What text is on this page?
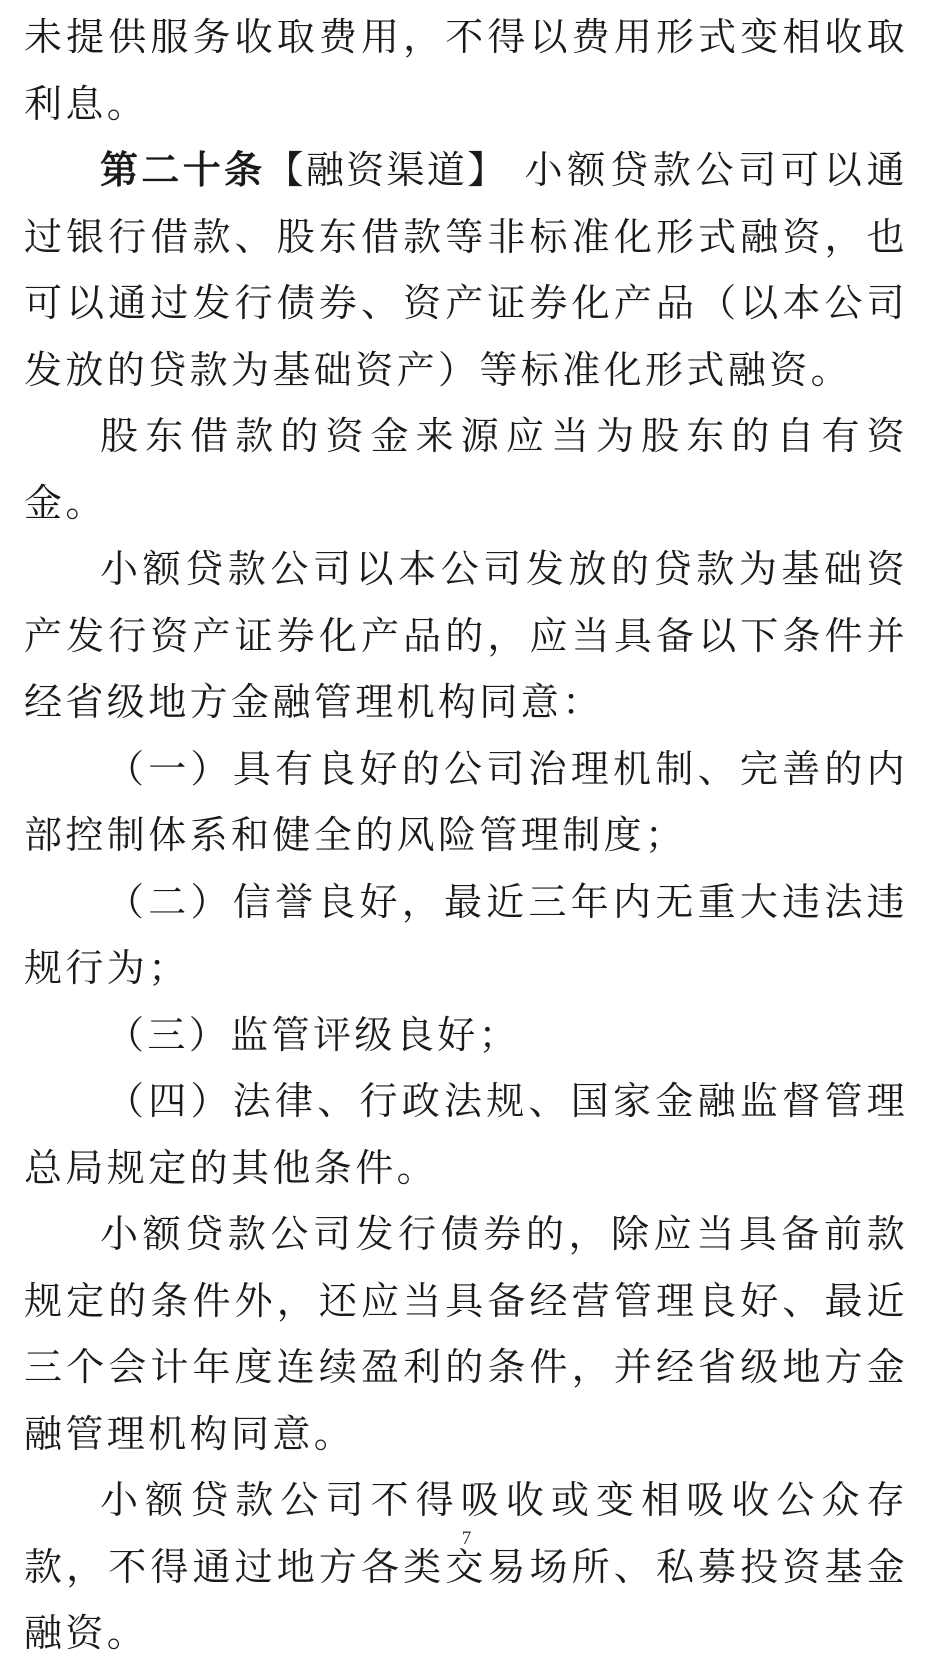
未提供服务收取费用，不得以费用形式变相收取利息。

第二十条【融资渠道】 小额贷款公司可以通过银行借款、股东借款等非标准化形式融资，也可以通过发行债券、资产证券化产品（以本公司发放的贷款为基础资产）等标准化形式融资。

股东借款的资金来源应当为股东的自有资金。

小额贷款公司以本公司发放的贷款为基础资产发行资产证券化产品的，应当具备以下条件并经省级地方金融管理机构同意：

（一）具有良好的公司治理机制、完善的内部控制体系和健全的风险管理制度；

（二）信誉良好，最近三年内无重大违法违规行为；

（三）监管评级良好；

（四）法律、行政法规、国家金融监督管理总局规定的其他条件。

小额贷款公司发行债券的，除应当具备前款规定的条件外，还应当具备经营管理良好、最近三个会计年度连续盈利的条件，并经省级地方金融管理机构同意。

小额贷款公司不得吸收或变相吸收公众存款，不得通过地方各类交易场所、私募投资基金融资。

7
